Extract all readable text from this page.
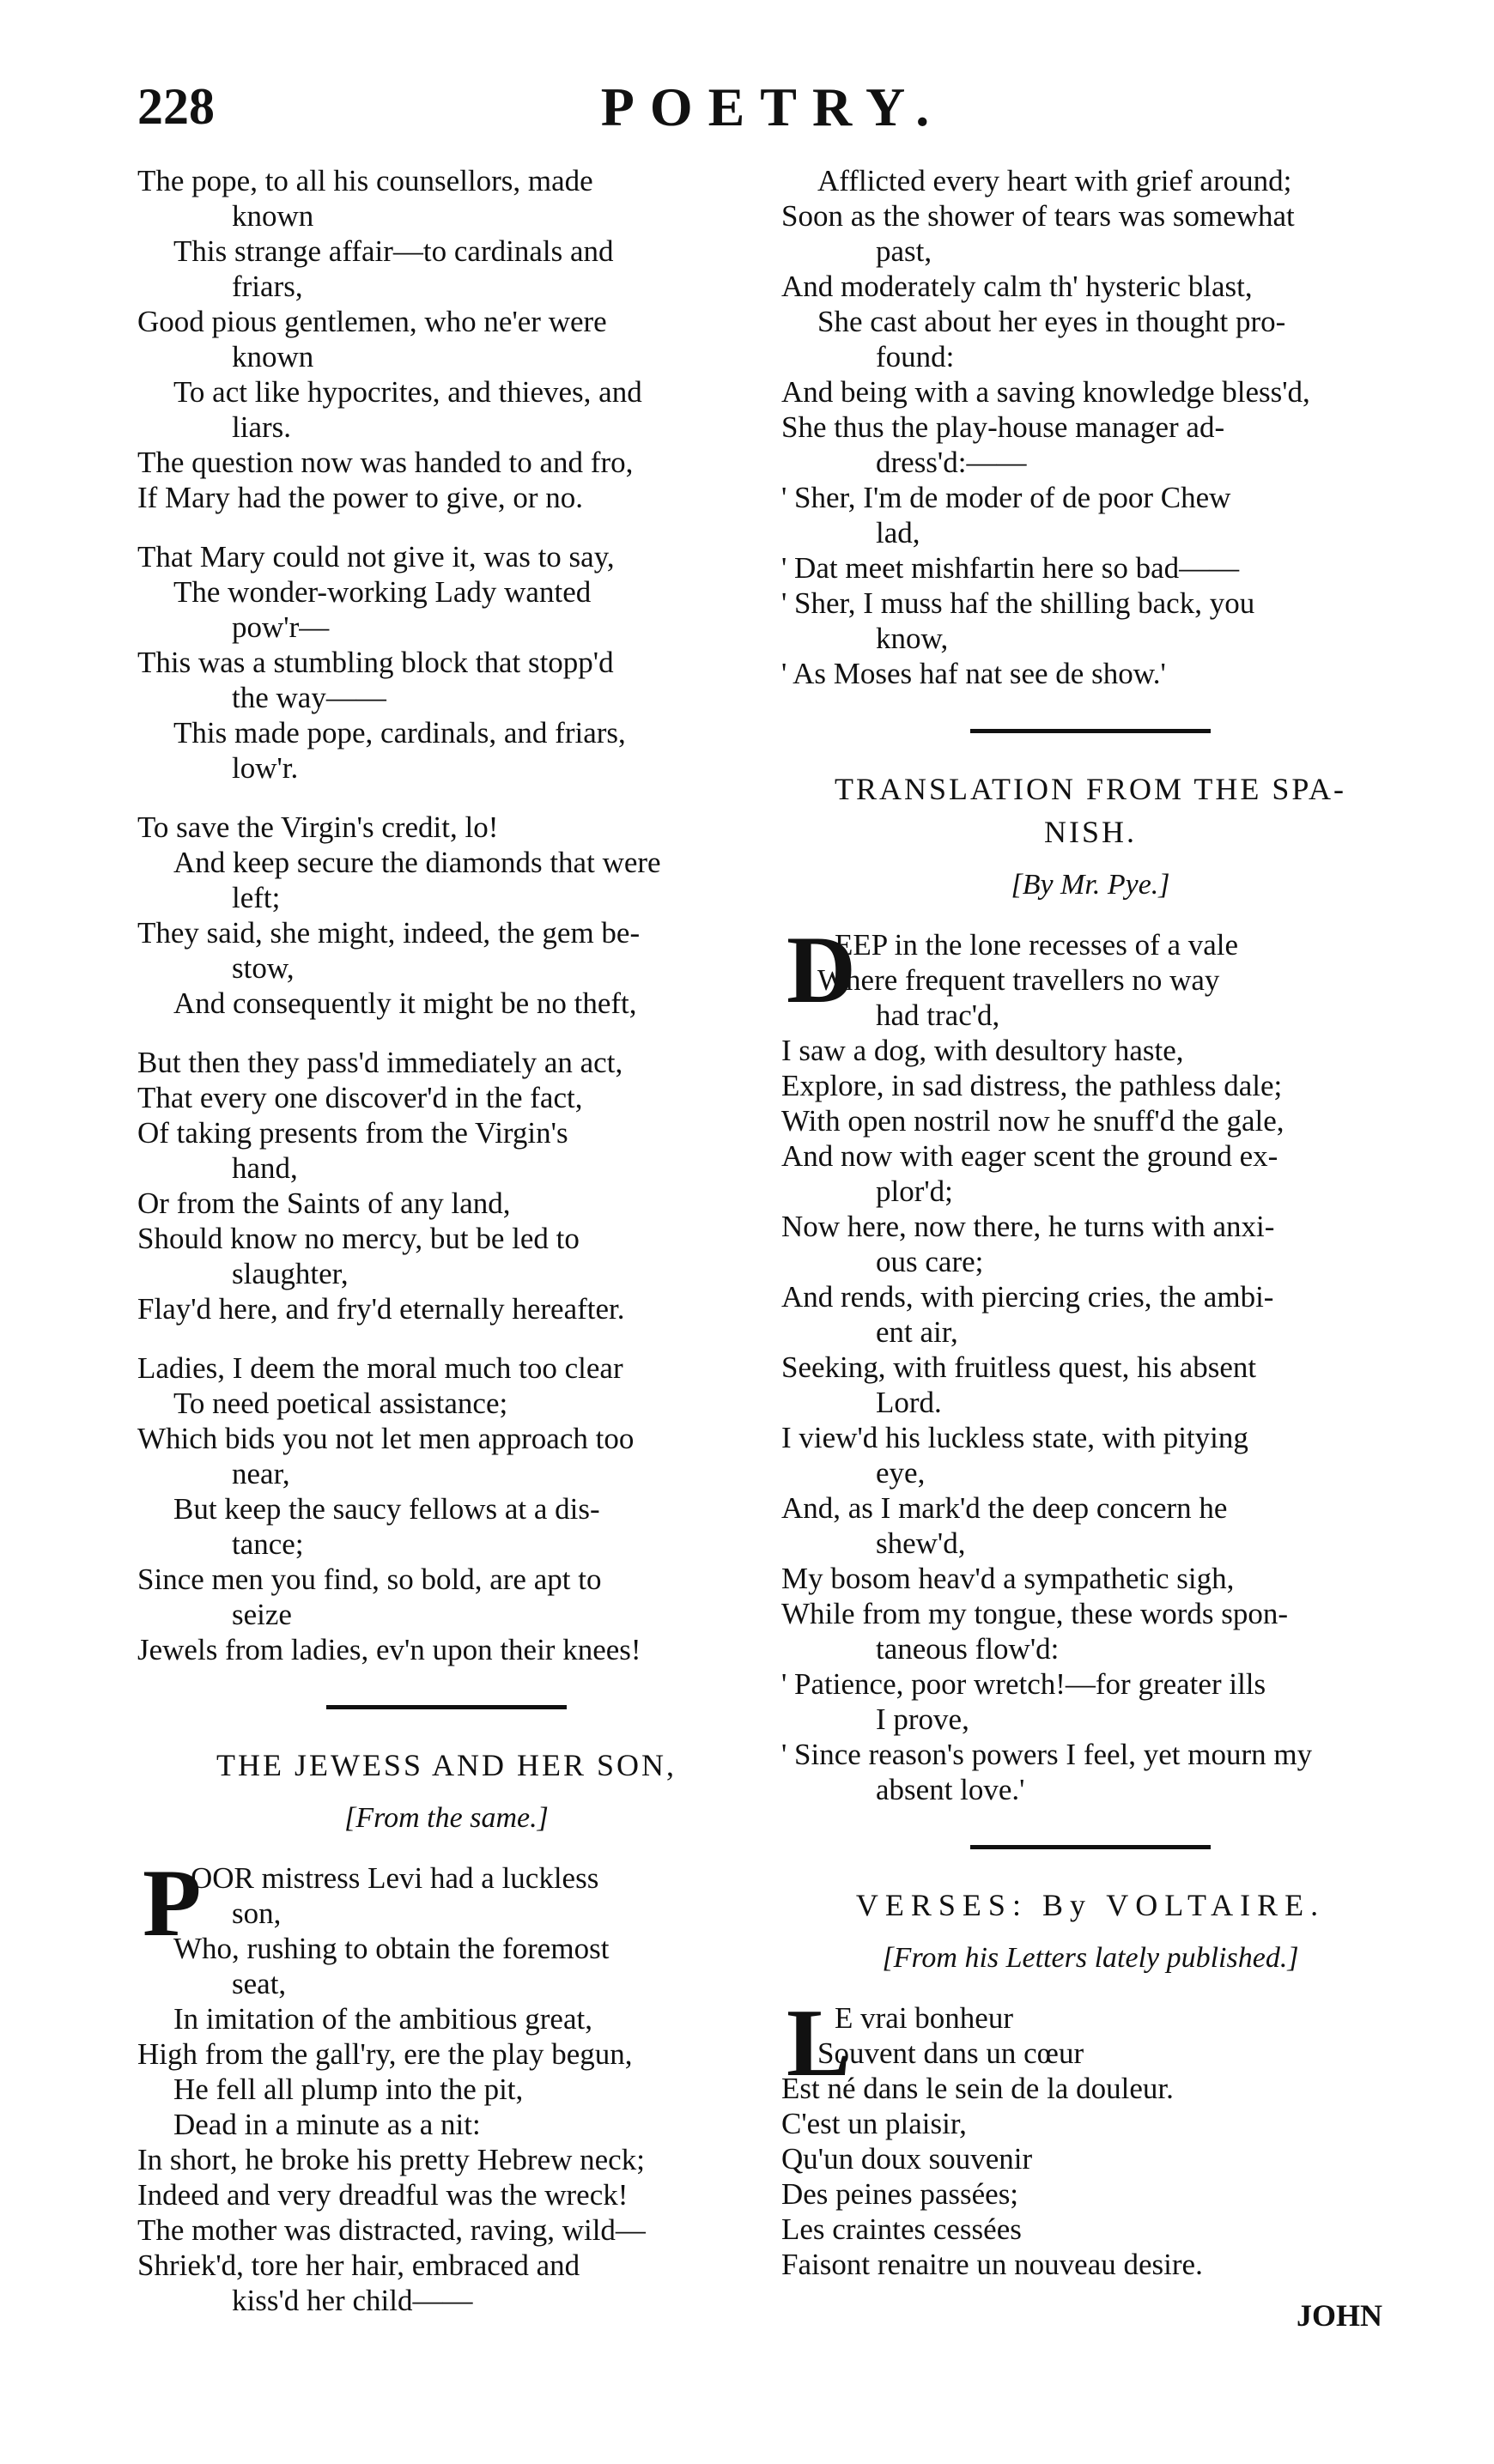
228	POETRY.
The pope, to all his counsellors, made
known
This strange affair—to cardinals and
friars,
Good pious gentlemen, who ne'er were
known
To act like hypocrites, and thieves, and
liars.
The question now was handed to and fro,
If Mary had the power to give, or no.
That Mary could not give it, was to say,
The wonder-working Lady wanted
pow'r—
This was a stumbling block that stopp'd
the way——
This made pope, cardinals, and friars,
low'r.
To save the Virgin's credit, lo!
And keep secure the diamonds that were
left;
They said, she might, indeed, the gem be-
stow,
And consequently it might be no theft,
But then they pass'd immediately an act,
That every one discover'd in the fact,
Of taking presents from the Virgin's
hand,
Or from the Saints of any land,
Should know no mercy, but be led to
slaughter,
Flay'd here, and fry'd eternally hereafter.
Ladies, I deem the moral much too clear
To need poetical assistance;
Which bids you not let men approach too
near,
But keep the saucy fellows at a dis-
tance;
Since men you find, so bold, are apt to
seize
Jewels from ladies, ev'n upon their knees!
THE JEWESS AND HER SON,
[From the same.]
P
OOR mistress Levi had a luckless
son,
Who, rushing to obtain the foremost
seat,
In imitation of the ambitious great,
High from the gall'ry, ere the play begun,
He fell all plump into the pit,
Dead in a minute as a nit:
In short, he broke his pretty Hebrew neck;
Indeed and very dreadful was the wreck!
The mother was distracted, raving, wild—
Shriek'd, tore her hair, embraced and
kiss'd her child——
Afflicted every heart with grief around;
Soon as the shower of tears was somewhat
past,
And moderately calm th' hysteric blast,
She cast about her eyes in thought pro-
found:
And being with a saving knowledge bless'd,
She thus the play-house manager ad-
dress'd:——
' Sher, I'm de moder of de poor Chew
lad,
' Dat meet mishfartin here so bad——
' Sher, I muss haf the shilling back, you
know,
' As Moses haf nat see de show.'
TRANSLATION FROM THE SPA-
NISH.
[By Mr. Pye.]
D
EEP in the lone recesses of a vale
Where frequent travellers no way
had trac'd,
I saw a dog, with desultory haste,
Explore, in sad distress, the pathless dale;
With open nostril now he snuff'd the gale,
And now with eager scent the ground ex-
plor'd;
Now here, now there, he turns with anxi-
ous care;
And rends, with piercing cries, the ambi-
ent air,
Seeking, with fruitless quest, his absent
Lord.
I view'd his luckless state, with pitying
eye,
And, as I mark'd the deep concern he
shew'd,
My bosom heav'd a sympathetic sigh,
While from my tongue, these words spon-
taneous flow'd:
' Patience, poor wretch!—for greater ills
I prove,
' Since reason's powers I feel, yet mourn my
absent love.'
VERSES: By VOLTAIRE.
[From his Letters lately published.]
L
E vrai bonheur
Souvent dans un cœur
Est né dans le sein de la douleur.
C'est un plaisir,
Qu'un doux souvenir
Des peines passées;
Les craintes cessées
Faisont renaitre un nouveau desire.
JOHN
